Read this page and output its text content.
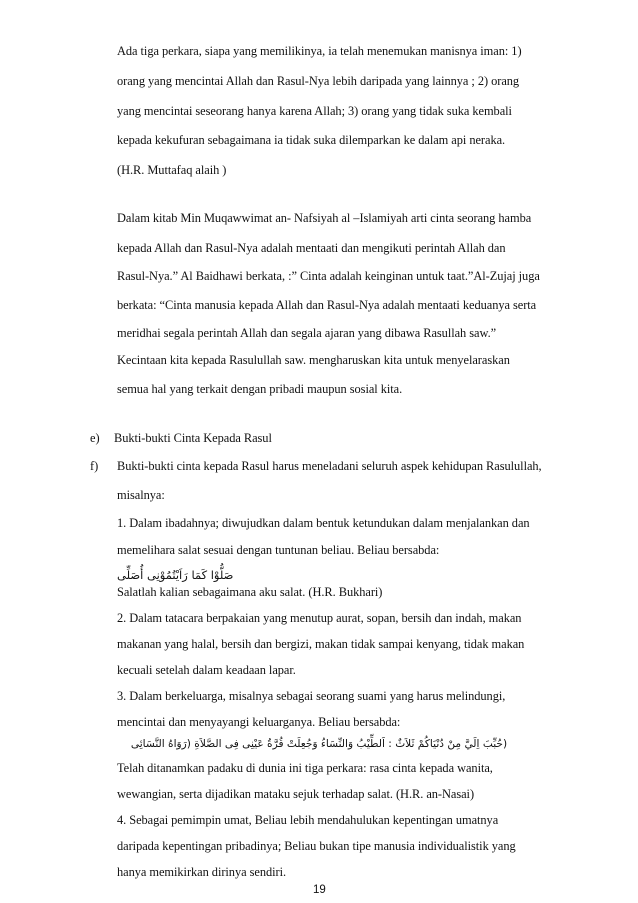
Ada tiga perkara, siapa yang memilikinya, ia telah menemukan manisnya iman: 1)
orang yang mencintai Allah dan Rasul-Nya lebih daripada yang lainnya ; 2) orang
yang mencintai seseorang hanya karena Allah; 3) orang yang tidak suka kembali
kepada kekufuran sebagaimana ia tidak suka dilemparkan ke dalam api neraka.
(H.R. Muttafaq alaih )
Dalam kitab Min Muqawwimat an- Nafsiyah al –Islamiyah arti cinta seorang hamba
kepada Allah dan Rasul-Nya adalah mentaati dan mengikuti perintah Allah dan
Rasul-Nya.” Al Baidhawi berkata, :” Cinta adalah keinginan untuk taat.”Al-Zujaj juga
berkata: “Cinta manusia kepada Allah dan Rasul-Nya adalah mentaati keduanya serta
meridhai segala perintah Allah dan segala ajaran yang dibawa Rasullah saw.”
Kecintaan kita kepada Rasulullah saw. mengharuskan kita untuk menyelaraskan
semua hal yang terkait dengan pribadi maupun sosial kita.
e) Bukti-bukti Cinta Kepada Rasul
f) Bukti-bukti cinta kepada Rasul harus meneladani seluruh aspek kehidupan Rasulullah,
misalnya:
1. Dalam ibadahnya; diwujudkan dalam bentuk ketundukan dalam menjalankan dan
memelihara salat sesuai dengan tuntunan beliau. Beliau bersabda:
صَلُّوْا كَمَا رَاَيْتُمُوْنِى أُصَلِّى
Salatlah kalian sebagaimana aku salat. (H.R. Bukhari)
2. Dalam tatacara berpakaian yang menutup aurat, sopan, bersih dan indah, makan
makanan yang halal, bersih dan bergizi, makan tidak sampai kenyang, tidak makan
kecuali setelah dalam keadaan lapar.
3. Dalam berkeluarga, misalnya sebagai seorang suami yang harus melindungi,
mencintai dan menyayangi keluarganya. Beliau bersabda:
(حُبِّبَ اِلَيَّ مِنْ دُنْيَاكُمْ ثَلاَثٌ : اَلطِّيْبُ وَالنِّسَاءُ وَجُعِلَتْ قُرَّةُ عَيْنِى فِى الصَّلاَةِ (رَوَاهُ النَّسَائِى
Telah ditanamkan padaku di dunia ini tiga perkara: rasa cinta kepada wanita,
wewangian, serta dijadikan mataku sejuk terhadap salat. (H.R. an-Nasai)
19
4. Sebagai pemimpin umat, Beliau lebih mendahulukan kepentingan umatnya
daripada kepentingan pribadinya; Beliau bukan tipe manusia individualistik yang
hanya memikirkan dirinya sendiri.
